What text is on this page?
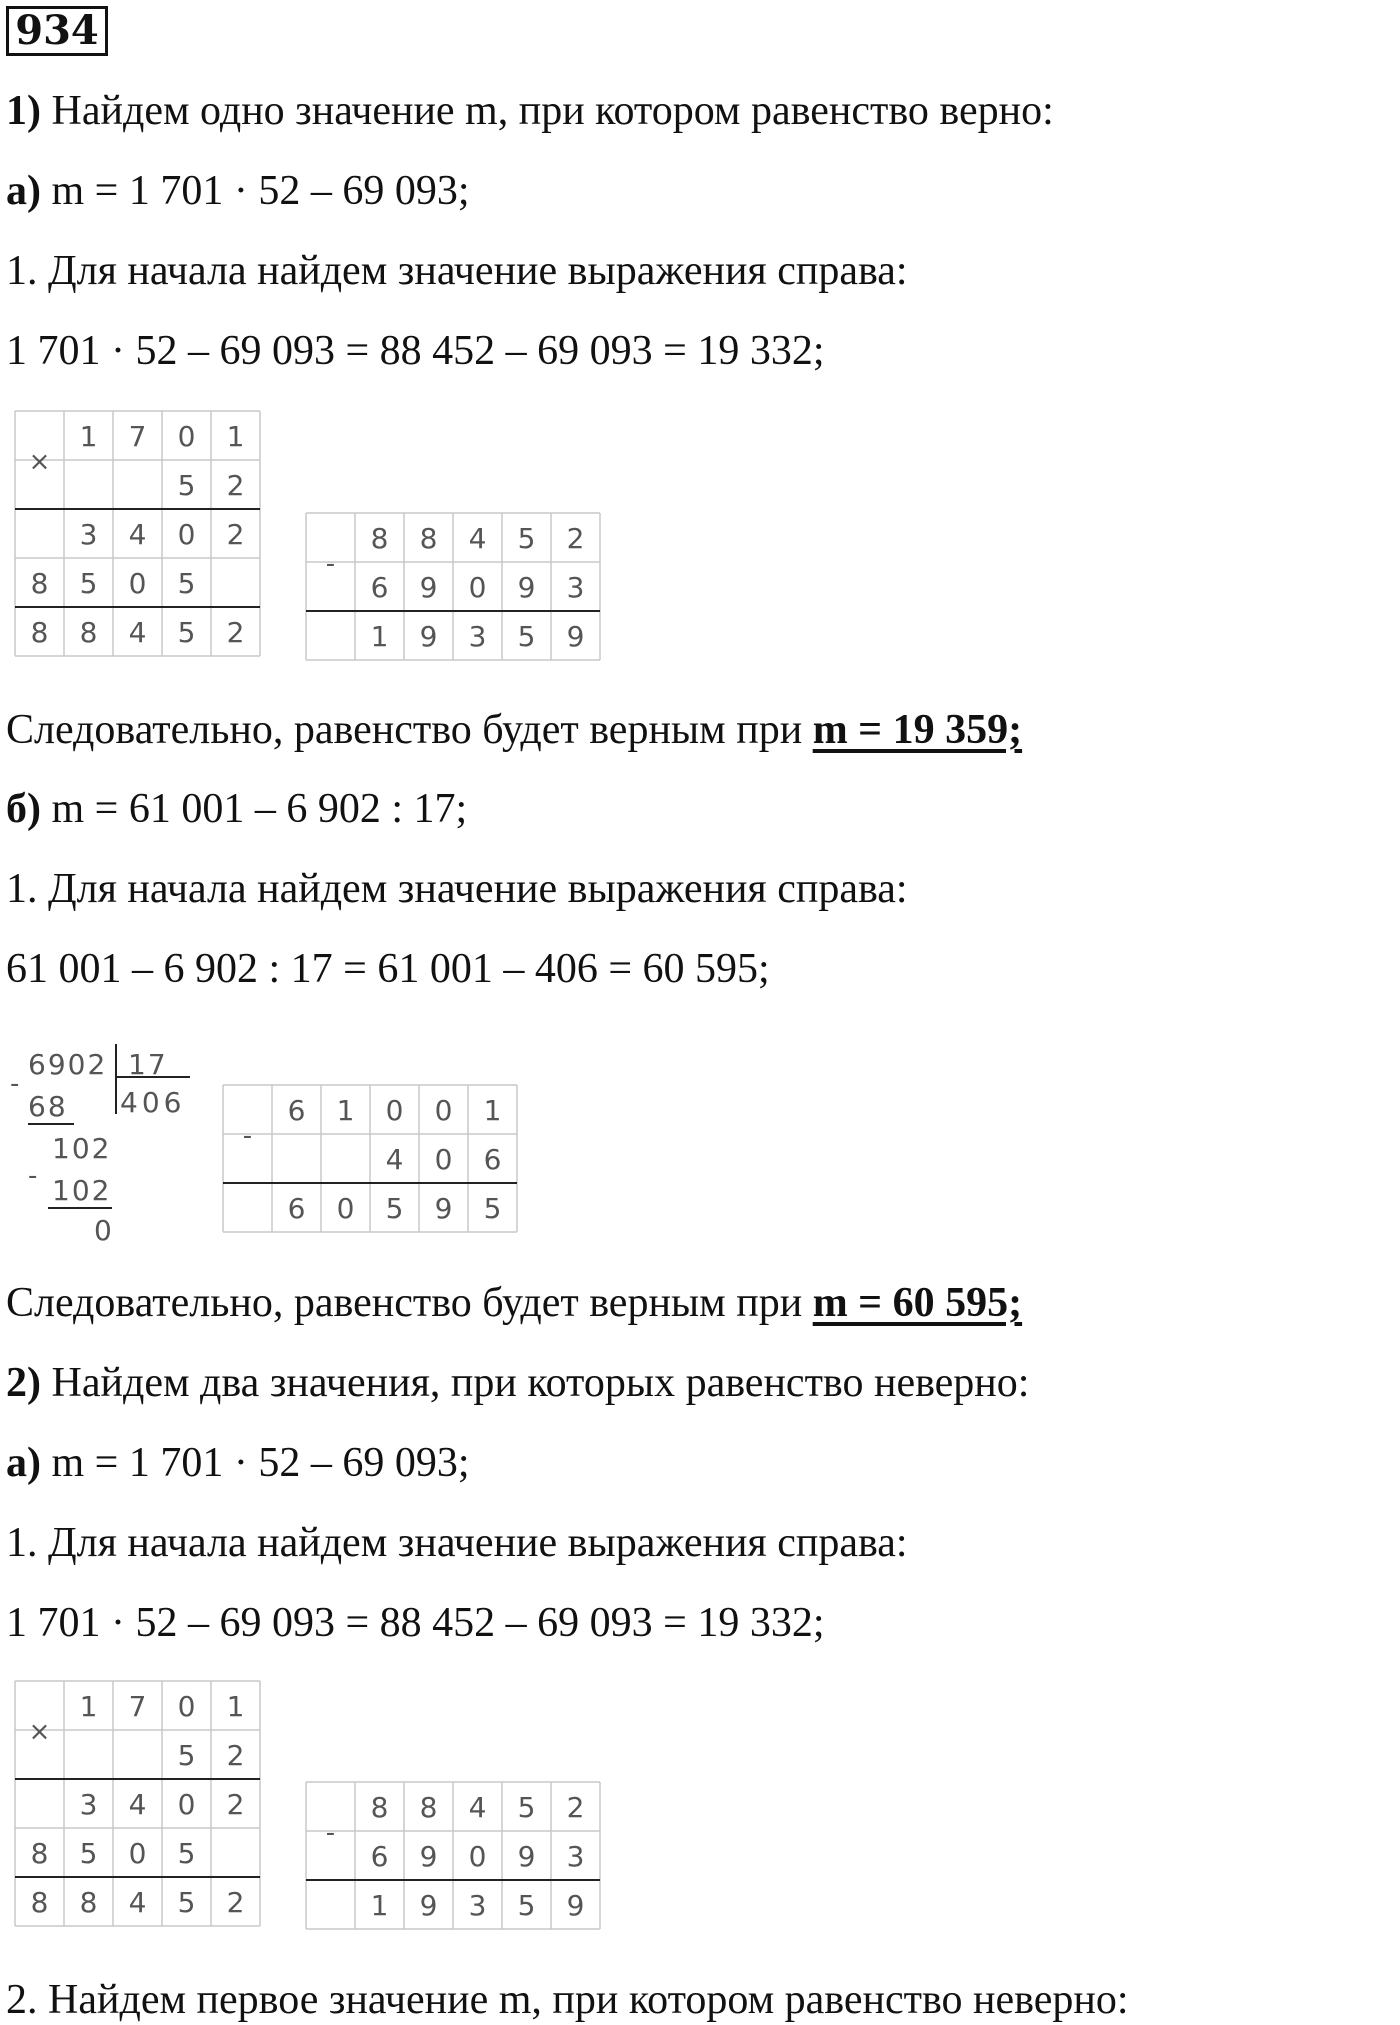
934
1) Найдем одно значение m, при котором равенство верно:
а) m = 1 701 · 52 – 69 093;
1. Для начала найдем значение выражения справа:
1 701 · 52 – 69 093 = 88 452 – 69 093 = 19 332;
1 7 0 1
5 2
3 4 0 2
8 5 0 5
8 8 4 5 2
×
8 8 4 5 2
6 9 0 9 3
1 9 3 5 9
-
Следовательно, равенство будет верным при m = 19 359;
б) m = 61 001 – 6 902 : 17;
1. Для начала найдем значение выражения справа:
61 001 – 6 902 : 17 = 61 001 – 406 = 60 595;
-
6902 17
406
68
102
- 102
0
6 1 0 0 1
4 0 6
6 0 5 9 5
-
Следовательно, равенство будет верным при m = 60 595;
2) Найдем два значения, при которых равенство неверно:
а) m = 1 701 · 52 – 69 093;
1. Для начала найдем значение выражения справа:
1 701 · 52 – 69 093 = 88 452 – 69 093 = 19 332;
1 7 0 1
5 2
3 4 0 2
8 5 0 5
8 8 4 5 2
×
8 8 4 5 2
6 9 0 9 3
1 9 3 5 9
-
2. Найдем первое значение m, при котором равенство неверно:
